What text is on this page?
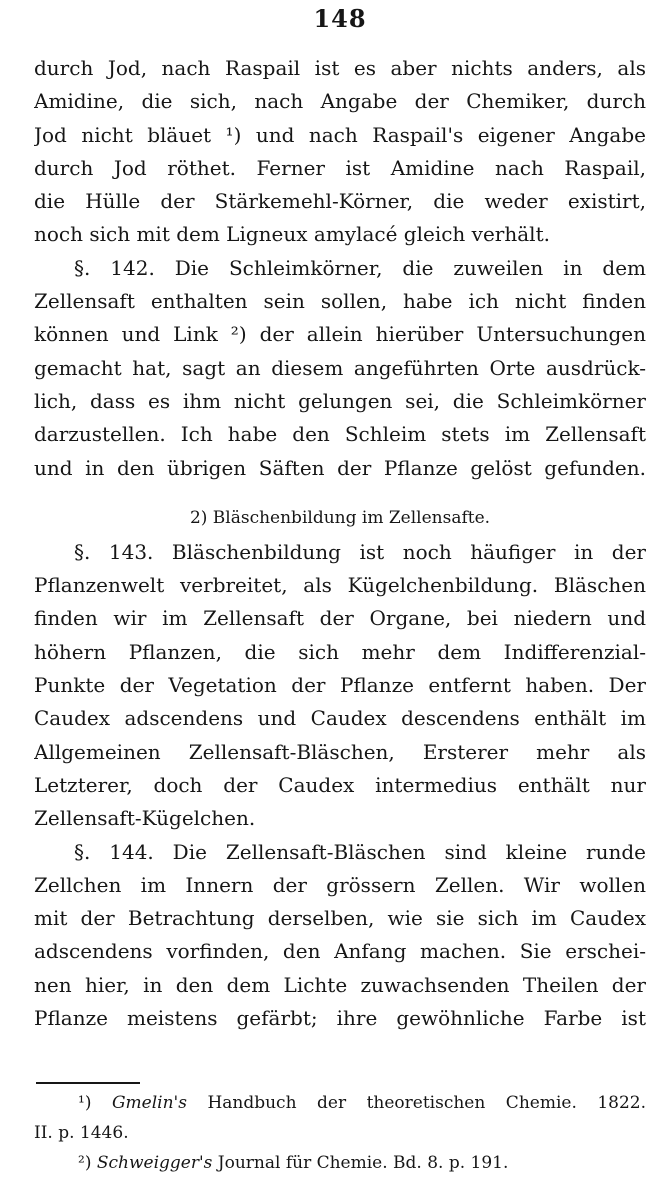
148
durch Jod, nach Raspail ist es aber nichts anders, als
Amidine, die sich, nach Angabe der Chemiker, durch
Jod nicht bläuet ¹) und nach Raspail's eigener Angabe
durch Jod röthet. Ferner ist Amidine nach Raspail,
die Hülle der Stärkemehl-Körner, die weder existirt,
noch sich mit dem Ligneux amylacé gleich verhält.
§. 142. Die Schleimkörner, die zuweilen in dem
Zellensaft enthalten sein sollen, habe ich nicht finden
können und Link ²) der allein hierüber Untersuchungen
gemacht hat, sagt an diesem angeführten Orte ausdrück-
lich, dass es ihm nicht gelungen sei, die Schleimkörner
darzustellen. Ich habe den Schleim stets im Zellensaft
und in den übrigen Säften der Pflanze gelöst gefunden.
2) Bläschenbildung im Zellensafte.
§. 143. Bläschenbildung ist noch häufiger in der
Pflanzenwelt verbreitet, als Kügelchenbildung. Bläschen
finden wir im Zellensaft der Organe, bei niedern und
höhern Pflanzen, die sich mehr dem Indifferenzial-
Punkte der Vegetation der Pflanze entfernt haben. Der
Caudex adscendens und Caudex descendens enthält im
Allgemeinen Zellensaft-Bläschen, Ersterer mehr als
Letzterer, doch der Caudex intermedius enthält nur
Zellensaft-Kügelchen.
§. 144. Die Zellensaft-Bläschen sind kleine runde
Zellchen im Innern der grössern Zellen. Wir wollen
mit der Betrachtung derselben, wie sie sich im Caudex
adscendens vorfinden, den Anfang machen. Sie erschei-
nen hier, in den dem Lichte zuwachsenden Theilen der
Pflanze meistens gefärbt; ihre gewöhnliche Farbe ist
¹) Gmelin's Handbuch der theoretischen Chemie. 1822.
II. p. 1446.
²) Schweigger's Journal für Chemie. Bd. 8. p. 191.
